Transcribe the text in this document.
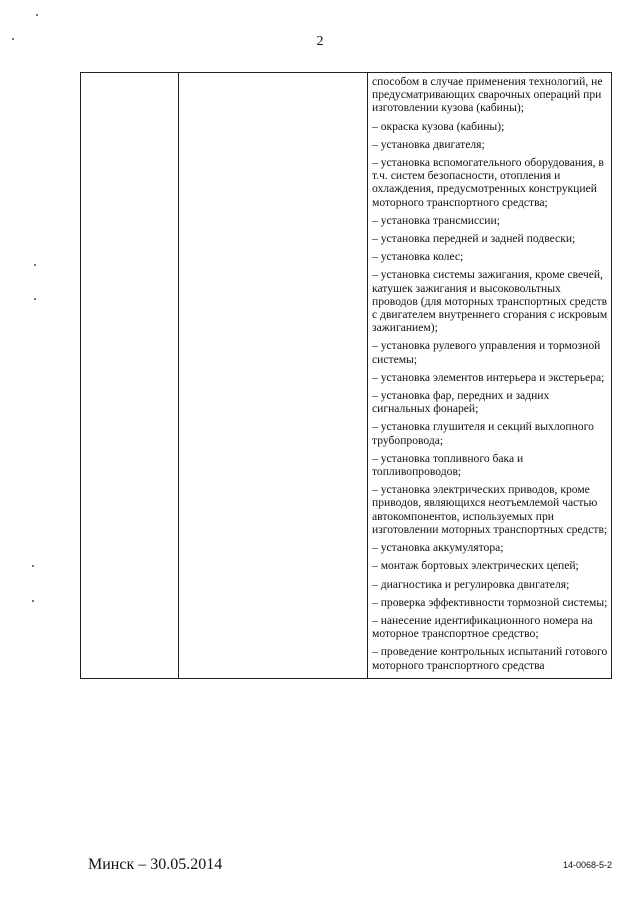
2

способом в случае применения технологий, не предусматривающих сварочных операций при изготовлении кузова (кабины);

– окраска кузова (кабины);

– установка двигателя;

– установка вспомогательного оборудования, в т.ч. систем безопасности, отопления и охлаждения, предусмотренных конструкцией моторного транспортного средства;

– установка трансмиссии;

– установка передней и задней подвески;

– установка колес;

– установка системы зажигания, кроме свечей, катушек зажигания и высоковольтных проводов (для моторных транспортных средств с двигателем внутреннего сгорания с искровым зажиганием);

– установка рулевого управления и тормозной системы;

– установка элементов интерьера и экстерьера;

– установка фар, передних и задних сигнальных фонарей;

– установка глушителя и секций выхлопного трубопровода;

– установка топливного бака и топливопроводов;

– установка электрических приводов, кроме приводов, являющихся неотъемлемой частью автокомпонентов, используемых при изготовлении моторных транспортных средств;

– установка аккумулятора;

– монтаж бортовых электрических цепей;

– диагностика и регулировка двигателя;

– проверка эффективности тормозной системы;

– нанесение идентификационного номера на моторное транспортное средство;

– проведение контрольных испытаний готового моторного транспортного средства

Минск – 30.05.2014	14-0068-5-2
